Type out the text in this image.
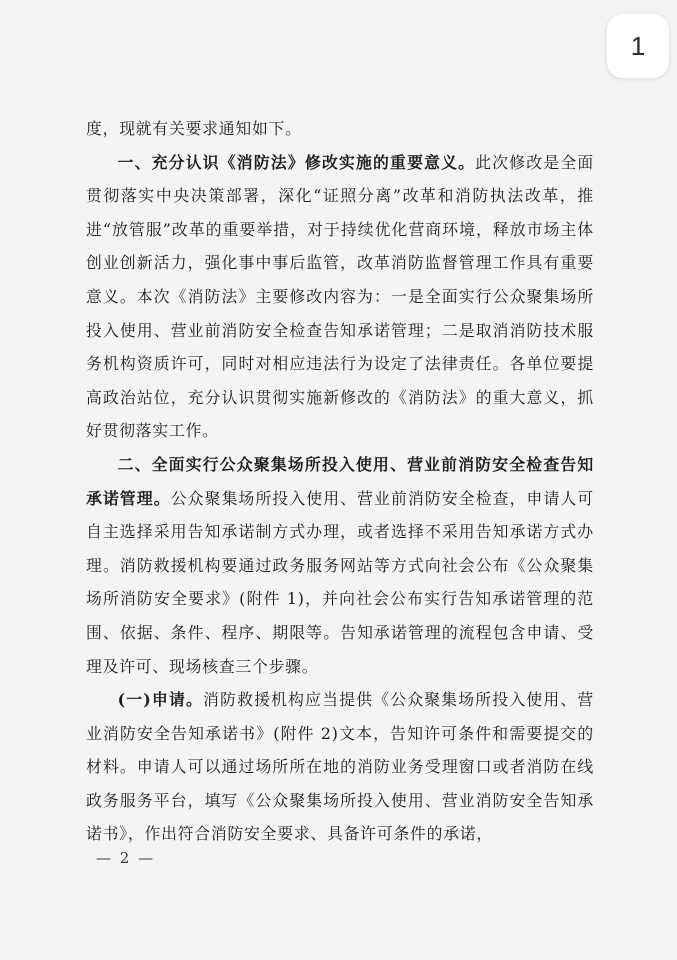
1

度，现就有关要求通知如下。

一、充分认识《消防法》修改实施的重要意义。此次修改是全面贯彻落实中央决策部署，深化“证照分离”改革和消防执法改革，推进“放管服”改革的重要举措，对于持续优化营商环境，释放市场主体创业创新活力，强化事中事后监管，改革消防监督管理工作具有重要意义。本次《消防法》主要修改内容为：一是全面实行公众聚集场所投入使用、营业前消防安全检查告知承诺管理；二是取消消防技术服务机构资质许可，同时对相应违法行为设定了法律责任。各单位要提高政治站位，充分认识贯彻实施新修改的《消防法》的重大意义，抓好贯彻落实工作。

二、全面实行公众聚集场所投入使用、营业前消防安全检查告知承诺管理。公众聚集场所投入使用、营业前消防安全检查，申请人可自主选择采用告知承诺制方式办理，或者选择不采用告知承诺方式办理。消防救援机构要通过政务服务网站等方式向社会公布《公众聚集场所消防安全要求》(附件 1)，并向社会公布实行告知承诺管理的范围、依据、条件、程序、期限等。告知承诺管理的流程包含申请、受理及许可、现场核查三个步骤。

(一)申请。消防救援机构应当提供《公众聚集场所投入使用、营业消防安全告知承诺书》(附件 2)文本，告知许可条件和需要提交的材料。申请人可以通过场所所在地的消防业务受理窗口或者消防在线政务服务平台，填写《公众聚集场所投入使用、营业消防安全告知承诺书》，作出符合消防安全要求、具备许可条件的承诺，

— 2 —
